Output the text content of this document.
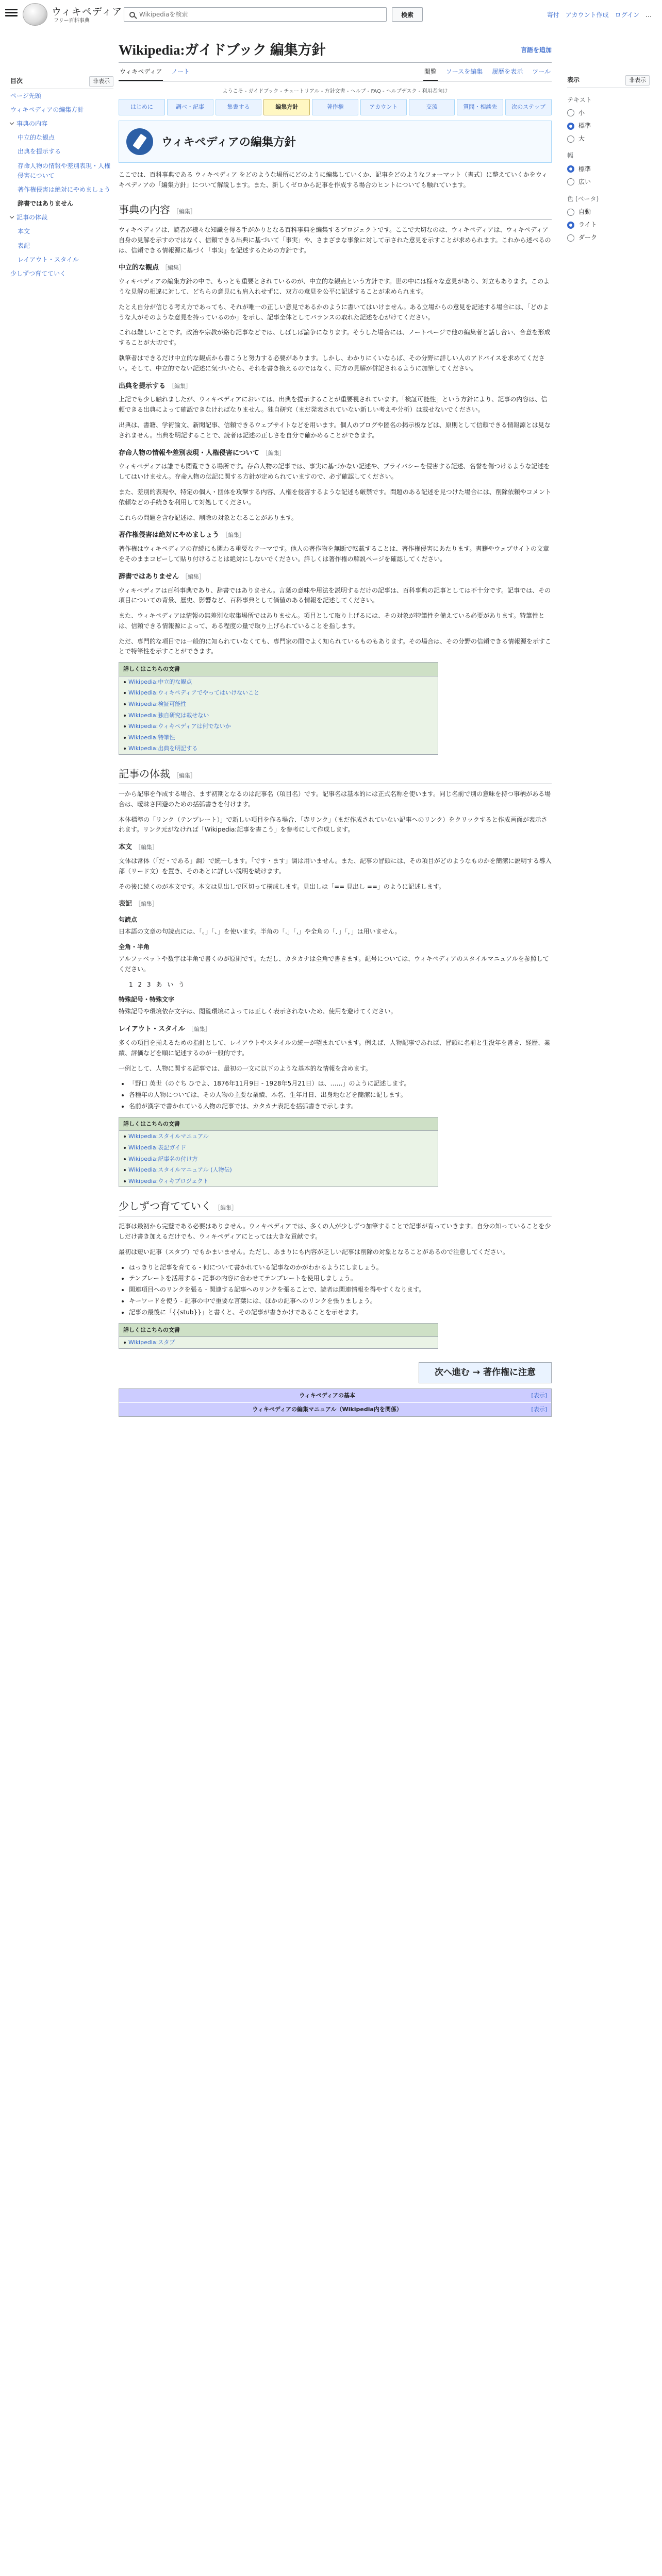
ウィキペディア
フリー百科事典
Wikipediaを検索
検索	寄付 アカウント作成 ログイン …
目次	非表示
ページ先頭
ウィキペディアの編集方針
事典の内容
中立的な観点
出典を提示する
存命人物の情報や差別表現・人権侵害について
著作権侵害は絶対にやめましょう
辞書ではありません
記事の体裁
本文
表記
レイアウト・スタイル
少しずつ育てていく
表示	非表示
テキスト
小
標準
大
幅
標準
広い
色 (ベータ)
自動
ライト
ダーク
Wikipedia:ガイドブック 編集方針	言語を追加
ウィキペディア ノート	閲覧 ソースを編集 履歴を表示 ツール
ようこそ - ガイドブック - チュートリアル - 方針文書 - ヘルプ - FAQ - ヘルプデスク - 利用者向け
はじめに	調べ・記事	集書する	編集方針	著作権	アカウント	交流	質問・相談先	次のステップ
ウィキペディアの編集方針

ここでは、百科事典である ウィキペディア をどのような場所にどのように編集していくか、記事をどのようなフォーマット（書式）に整えていくかをウィキペディアの「編集方針」について解説します。また、新しくゼロから記事を作成する場合のヒントについても触れています。

事典の内容 ［編集］

ウィキペディアは、読者が様々な知識を得る手がかりとなる百科事典を編集するプロジェクトです。ここで大切なのは、ウィキペディアは、ウィキペディア自身の見解を示すのではなく、信頼できる出典に基づいて「事実」や、さまざまな事象に対して示された意見を示すことが求められます。これから述べるのは、信頼できる情報源に基づく「事実」を記述するための方針です。

中立的な観点 ［編集］

ウィキペディアの編集方針の中で、もっとも重要とされているのが、中立的な観点という方針です。世の中には様々な意見があり、対立もあります。このような見解の相違に対して、どちらの意見にも肩入れせずに、双方の意見を公平に記述することが求められます。

たとえ自分が信じる考え方であっても、それが唯一の正しい意見であるかのように書いてはいけません。ある立場からの意見を記述する場合には、「どのような人がそのような意見を持っているのか」を示し、記事全体としてバランスの取れた記述を心がけてください。

これは難しいことです。政治や宗教が絡む記事などでは、しばしば論争になります。そうした場合には、ノートページで他の編集者と話し合い、合意を形成することが大切です。

執筆者はできるだけ中立的な観点から書こうと努力する必要があります。しかし、わかりにくいならば、その分野に詳しい人のアドバイスを求めてください。そして、中立的でない記述に気づいたら、それを書き換えるのではなく、両方の見解が併記されるように加筆してください。

出典を提示する ［編集］

上記でも少し触れましたが、ウィキペディアにおいては、出典を提示することが重要視されています。「検証可能性」という方針により、記事の内容は、信頼できる出典によって確認できなければなりません。独自研究（まだ発表されていない新しい考えや分析）は載せないでください。

出典は、書籍、学術論文、新聞記事、信頼できるウェブサイトなどを用います。個人のブログや匿名の掲示板などは、原則として信頼できる情報源とは見なされません。出典を明記することで、読者は記述の正しさを自分で確かめることができます。

存命人物の情報や差別表現・人権侵害について ［編集］

ウィキペディアは誰でも閲覧できる場所です。存命人物の記事では、事実に基づかない記述や、プライバシーを侵害する記述、名誉を傷つけるような記述をしてはいけません。存命人物の伝記に関する方針が定められていますので、必ず確認してください。

また、差別的表現や、特定の個人・団体を攻撃する内容、人権を侵害するような記述も厳禁です。問題のある記述を見つけた場合には、削除依頼やコメント依頼などの手続きを利用して対処してください。

これらの問題を含む記述は、削除の対象となることがあります。

著作権侵害は絶対にやめましょう ［編集］

著作権はウィキペディアの存続にも関わる重要なテーマです。他人の著作物を無断で転載することは、著作権侵害にあたります。書籍やウェブサイトの文章をそのままコピーして貼り付けることは絶対にしないでください。詳しくは著作権の解説ページを確認してください。

辞書ではありません ［編集］

ウィキペディアは百科事典であり、辞書ではありません。言葉の意味や用法を説明するだけの記事は、百科事典の記事としては不十分です。記事では、その項目についての背景、歴史、影響など、百科事典として価値のある情報を記述してください。

また、ウィキペディアは情報の無差別な収集場所ではありません。項目として取り上げるには、その対象が特筆性を備えている必要があります。特筆性とは、信頼できる情報源によって、ある程度の量で取り上げられていることを指します。

ただ、専門的な項目では一般的に知られていなくても、専門家の間でよく知られているものもあります。その場合は、その分野の信頼できる情報源を示すことで特筆性を示すことができます。

詳しくはこちらの文書
Wikipedia:中立的な観点
Wikipedia:ウィキペディアでやってはいけないこと
Wikipedia:検証可能性
Wikipedia:独自研究は載せない
Wikipedia:ウィキペディアは何でないか
Wikipedia:特筆性
Wikipedia:出典を明記する
記事の体裁 ［編集］

一から記事を作成する場合、まず初期となるのは記事名（項目名）です。記事名は基本的には正式名称を使います。同じ名前で別の意味を持つ事柄がある場合は、曖昧さ回避のための括弧書きを付けます。

本体標準の「リンク（テンプレート）」で新しい項目を作る場合、「赤リンク」（まだ作成されていない記事へのリンク）をクリックすると作成画面が表示されます。リンク元がなければ「Wikipedia:記事を書こう」を参考にして作成します。

本文 ［編集］

文体は常体（「だ・である」調）で統一します。「です・ます」調は用いません。また、記事の冒頭には、その項目がどのようなものかを簡潔に説明する導入部（リード文）を置き、そのあとに詳しい説明を続けます。

その後に続くのが本文です。本文は見出しで区切って構成します。見出しは「== 見出し ==」のように記述します。

表記 ［編集］
句読点

日本語の文章の句読点には、「。」「、」を使います。半角の「.」「,」や全角の「．」「，」は用いません。

全角・半角

アルファベットや数字は半角で書くのが原則です。ただし、カタカナは全角で書きます。記号については、ウィキペディアのスタイルマニュアルを参照してください。

1 2 3 あ い う
特殊記号・特殊文字

特殊記号や環境依存文字は、閲覧環境によっては正しく表示されないため、使用を避けてください。

レイアウト・スタイル ［編集］

多くの項目を揃えるための指針として、レイアウトやスタイルの統一が望まれています。例えば、人物記事であれば、冒頭に名前と生没年を書き、経歴、業績、評価などを順に記述するのが一般的です。

一例として、人物に関する記事では、最初の一文に以下のような基本的な情報を含めます。

• 「野口 英世（のぐち ひでよ、1876年11月9日 - 1928年5月21日）は、……」のように記述します。
• 各種年の人物については、その人物の主要な業績、本名、生年月日、出身地などを簡潔に記します。
• 名前が漢字で書かれている人物の記事では、カタカナ表記を括弧書きで示します。
詳しくはこちらの文書
Wikipedia:スタイルマニュアル
Wikipedia:表記ガイド
Wikipedia:記事名の付け方
Wikipedia:スタイルマニュアル (人物伝)
Wikipedia:ウィキプロジェクト
少しずつ育てていく ［編集］

記事は最初から完璧である必要はありません。ウィキペディアでは、多くの人が少しずつ加筆することで記事が育っていきます。自分の知っていることを少しだけ書き加えるだけでも、ウィキペディアにとっては大きな貢献です。

最初は短い記事（スタブ）でもかまいません。ただし、あまりにも内容が乏しい記事は削除の対象となることがあるので注意してください。

• はっきりと記事を育てる - 何について書かれている記事なのかがわかるようにしましょう。
• テンプレートを活用する - 記事の内容に合わせてテンプレートを使用しましょう。
• 関連項目へのリンクを張る - 関連する記事へのリンクを張ることで、読者は関連情報を得やすくなります。
• キーワードを使う - 記事の中で重要な言葉には、ほかの記事へのリンクを張りましょう。
• 記事の最後に「{{stub}}」と書くと、その記事が書きかけであることを示せます。
詳しくはこちらの文書
Wikipedia:スタブ
次へ進む → 著作権に注意
ウィキペディアの基本	[表示]
ウィキペディアの編集マニュアル（Wikipedia内を関係）	[表示]
